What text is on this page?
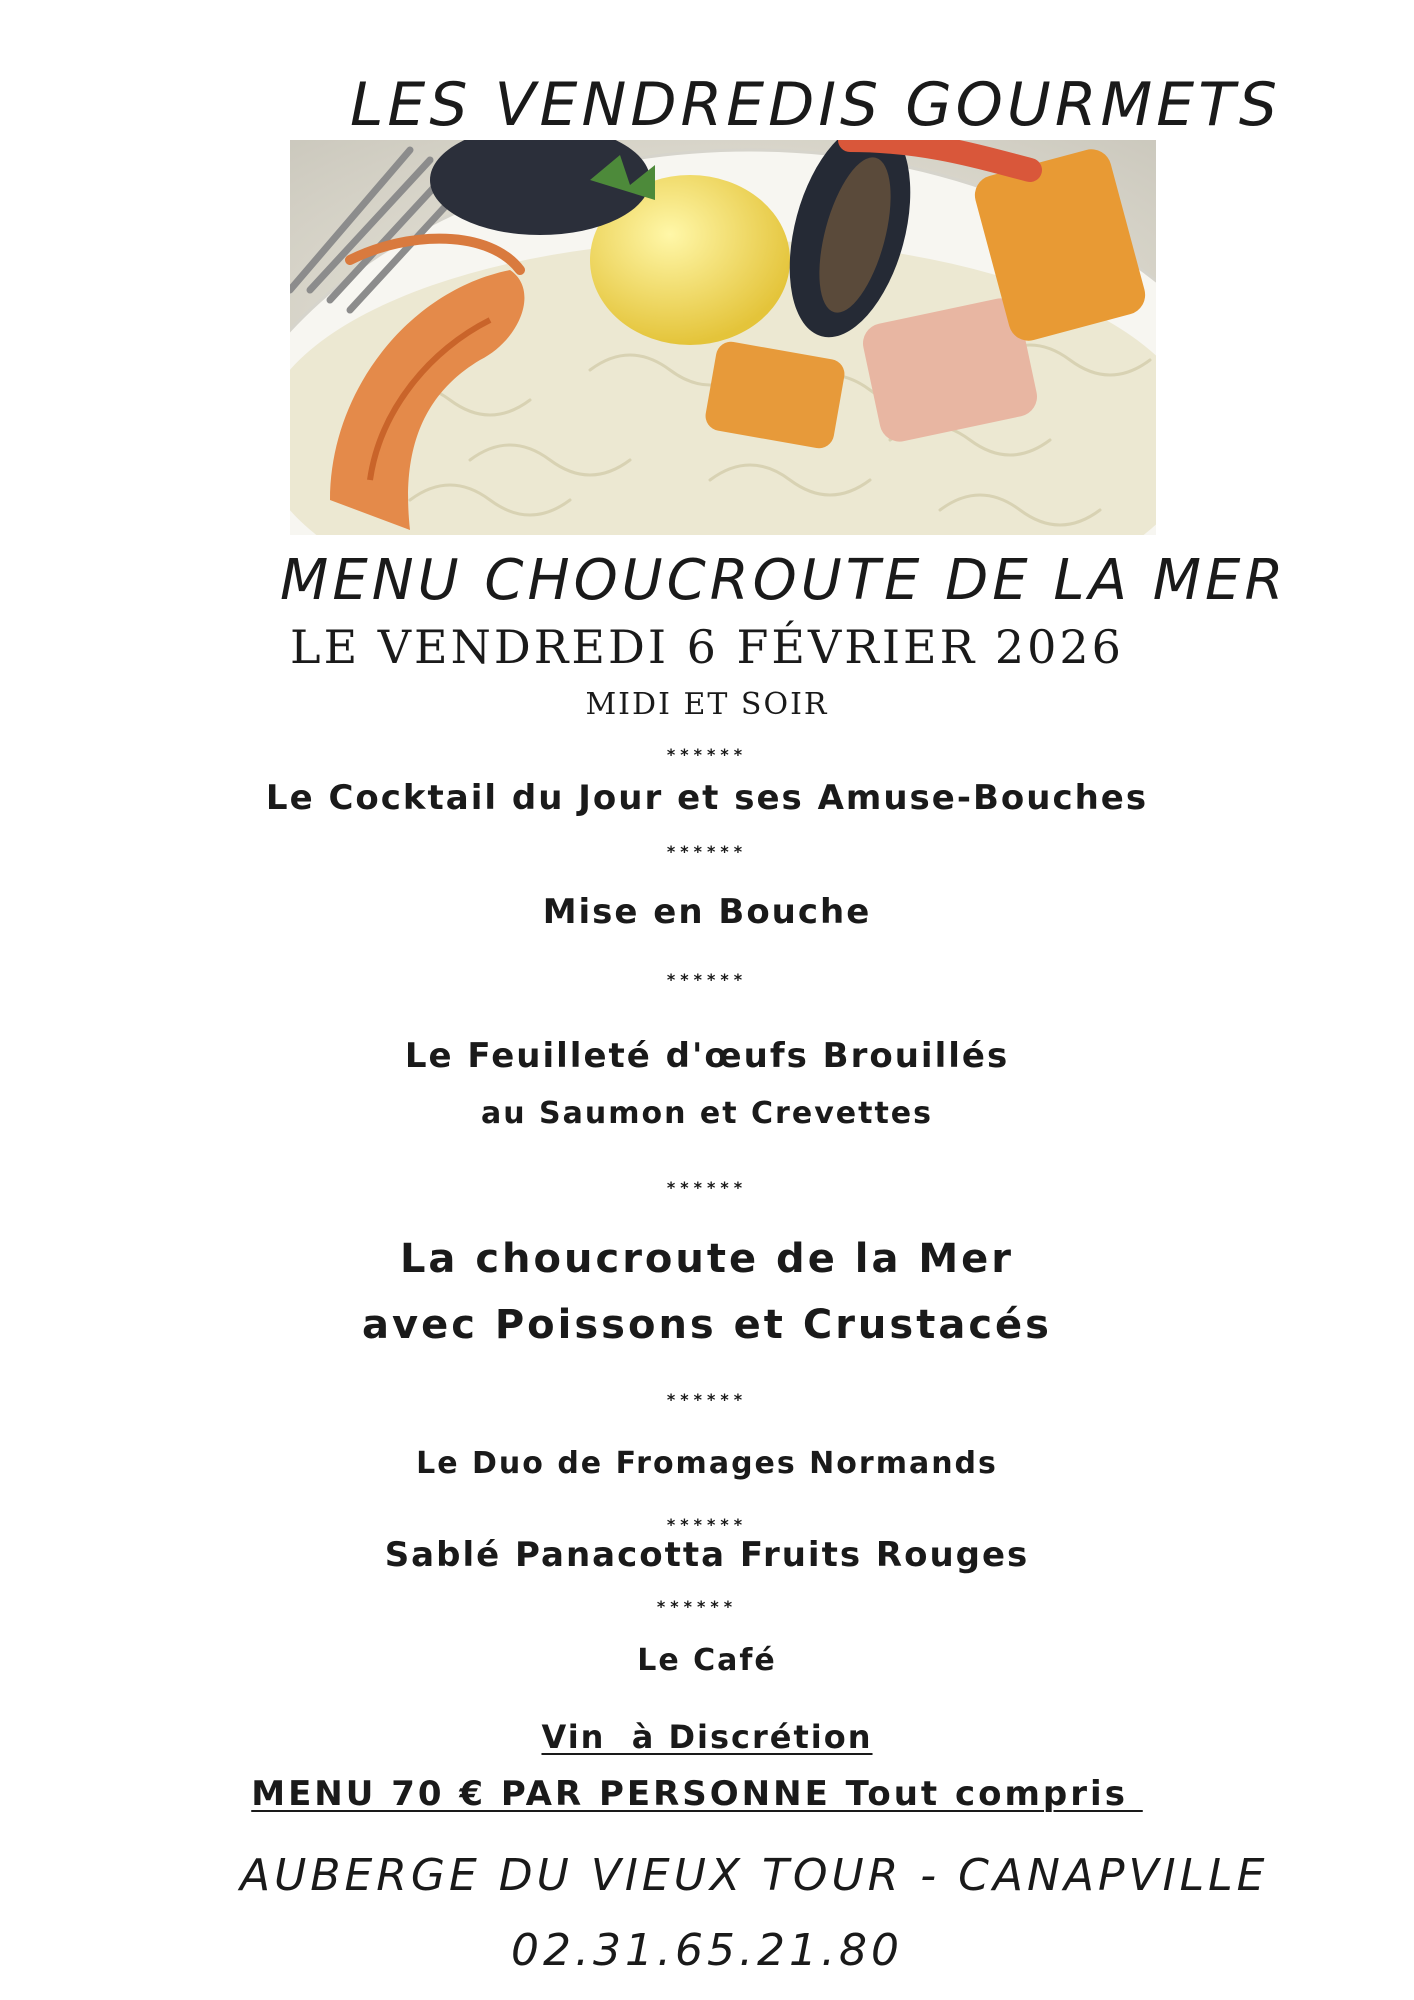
LES VENDREDIS GOURMETS
MENU CHOUCROUTE DE LA MER
LE VENDREDI 6 FÉVRIER 2026
MIDI ET SOIR
******
Le Cocktail du Jour et ses Amuse-Bouches
******
Mise en Bouche
******
Le Feuilleté d'œufs Brouillés
au Saumon et Crevettes
******
La choucroute de la Mer
avec Poissons et Crustacés
******
Le Duo de Fromages Normands
******
Sablé Panacotta Fruits Rouges
******
Le Café
Vin  à Discrétion
MENU 70 € PAR PERSONNE Tout compris
AUBERGE DU VIEUX TOUR - CANAPVILLE
02.31.65.21.80
